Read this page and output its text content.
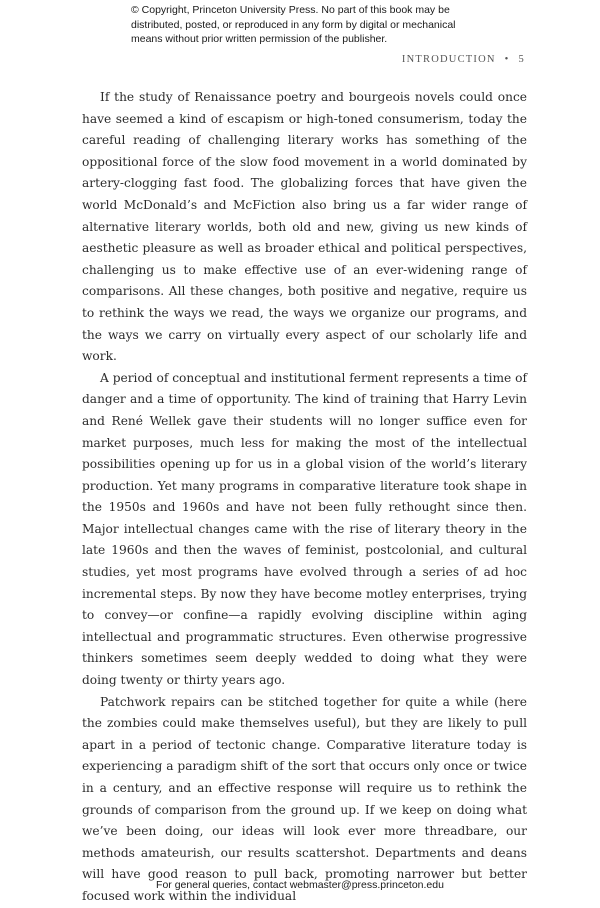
© Copyright, Princeton University Press. No part of this book may be
distributed, posted, or reproduced in any form by digital or mechanical
means without prior written permission of the publisher.
INTRODUCTION • 5

If the study of Renaissance poetry and bourgeois novels could once have seemed a kind of escapism or high-toned consumerism, today the careful reading of challenging literary works has something of the oppositional force of the slow food movement in a world dominated by artery-clogging fast food. The globalizing forces that have given the world McDonald’s and McFiction also bring us a far wider range of alternative literary worlds, both old and new, giving us new kinds of aesthetic pleasure as well as broader ethical and political perspectives, challenging us to make effective use of an ever-widening range of comparisons. All these changes, both positive and negative, require us to rethink the ways we read, the ways we organize our programs, and the ways we carry on virtually every aspect of our scholarly life and work.

A period of conceptual and institutional ferment represents a time of danger and a time of opportunity. The kind of training that Harry Levin and René Wellek gave their students will no longer suffice even for market purposes, much less for making the most of the intellectual possibilities opening up for us in a global vision of the world’s literary production. Yet many programs in comparative literature took shape in the 1950s and 1960s and have not been fully rethought since then. Major intellectual changes came with the rise of literary theory in the late 1960s and then the waves of feminist, postcolonial, and cultural studies, yet most programs have evolved through a series of ad hoc incremental steps. By now they have become motley enterprises, trying to convey—or confine—a rapidly evolving discipline within aging intellectual and programmatic structures. Even otherwise progressive thinkers sometimes seem deeply wedded to doing what they were doing twenty or thirty years ago.

Patchwork repairs can be stitched together for quite a while (here the zombies could make themselves useful), but they are likely to pull apart in a period of tectonic change. Comparative literature today is experiencing a paradigm shift of the sort that occurs only once or twice in a century, and an effective response will require us to rethink the grounds of comparison from the ground up. If we keep on doing what we’ve been doing, our ideas will look ever more threadbare, our methods amateurish, our results scattershot. Departments and deans will have good reason to pull back, promoting narrower but better focused work within the individual

For general queries, contact webmaster@press.princeton.edu
